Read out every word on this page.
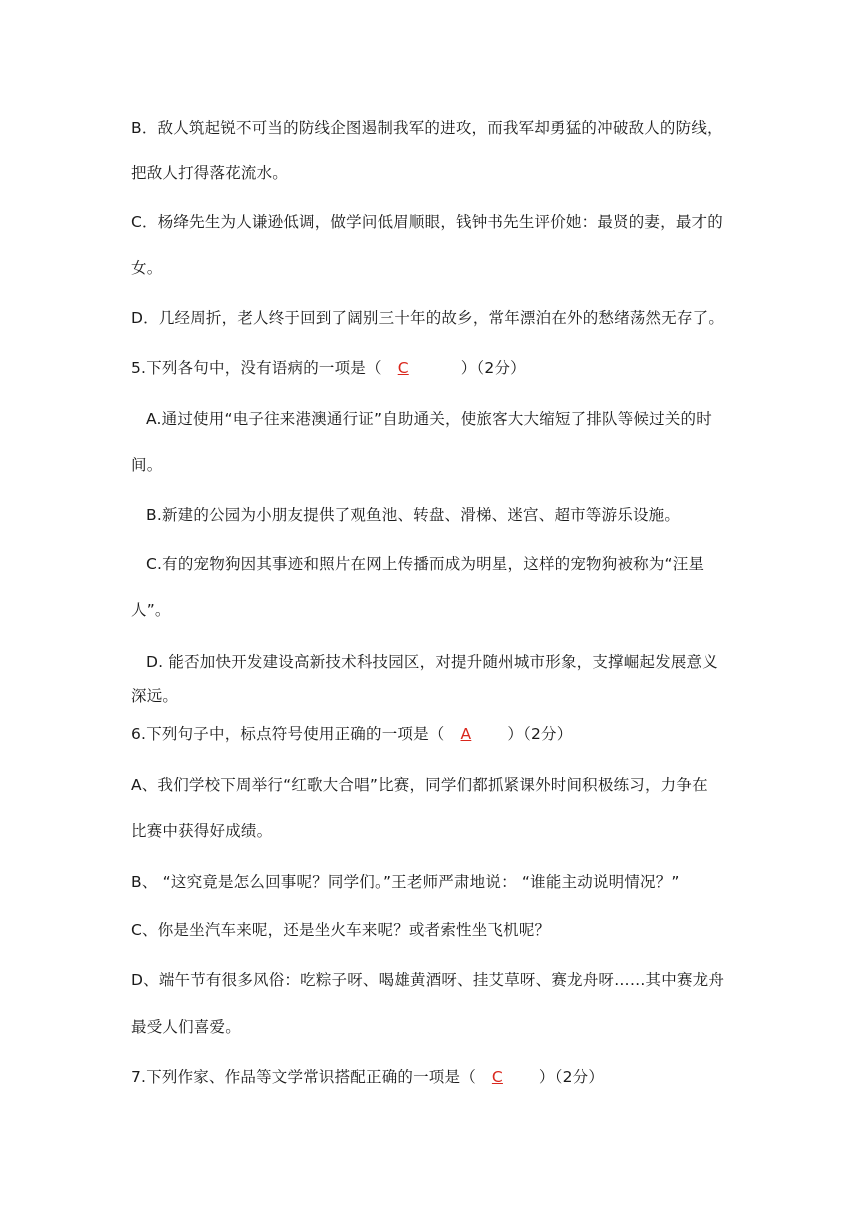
B．敌人筑起锐不可当的防线企图遏制我军的进攻，而我军却勇猛的冲破敌人的防线，
把敌人打得落花流水。
C．杨绛先生为人谦逊低调，做学问低眉顺眼，钱钟书先生评价她：最贤的妻，最才的
女。
D．几经周折，老人终于回到了阔别三十年的故乡，常年漂泊在外的愁绪荡然无存了。
5.下列各句中，没有语病的一项是（ C	）（2分）
A.通过使用“电子往来港澳通行证”自助通关，使旅客大大缩短了排队等候过关的时
间。
B.新建的公园为小朋友提供了观鱼池、转盘、滑梯、迷宫、超市等游乐设施。
C.有的宠物狗因其事迹和照片在网上传播而成为明星，这样的宠物狗被称为“汪星
人”。
D. 能否加快开发建设高新技术科技园区，对提升随州城市形象，支撑崛起发展意义
深远。
6.下列句子中，标点符号使用正确的一项是（ A ）（2分）
A、我们学校下周举行“红歌大合唱”比赛，同学们都抓紧课外时间积极练习，力争在
比赛中获得好成绩。
B、 “这究竟是怎么回事呢？同学们。”王老师严肃地说： “谁能主动说明情况？”
C、你是坐汽车来呢，还是坐火车来呢？或者索性坐飞机呢？
D、端午节有很多风俗：吃粽子呀、喝雄黄酒呀、挂艾草呀、赛龙舟呀……其中赛龙舟
最受人们喜爱。
7.下列作家、作品等文学常识搭配正确的一项是（ C ）（2分）
